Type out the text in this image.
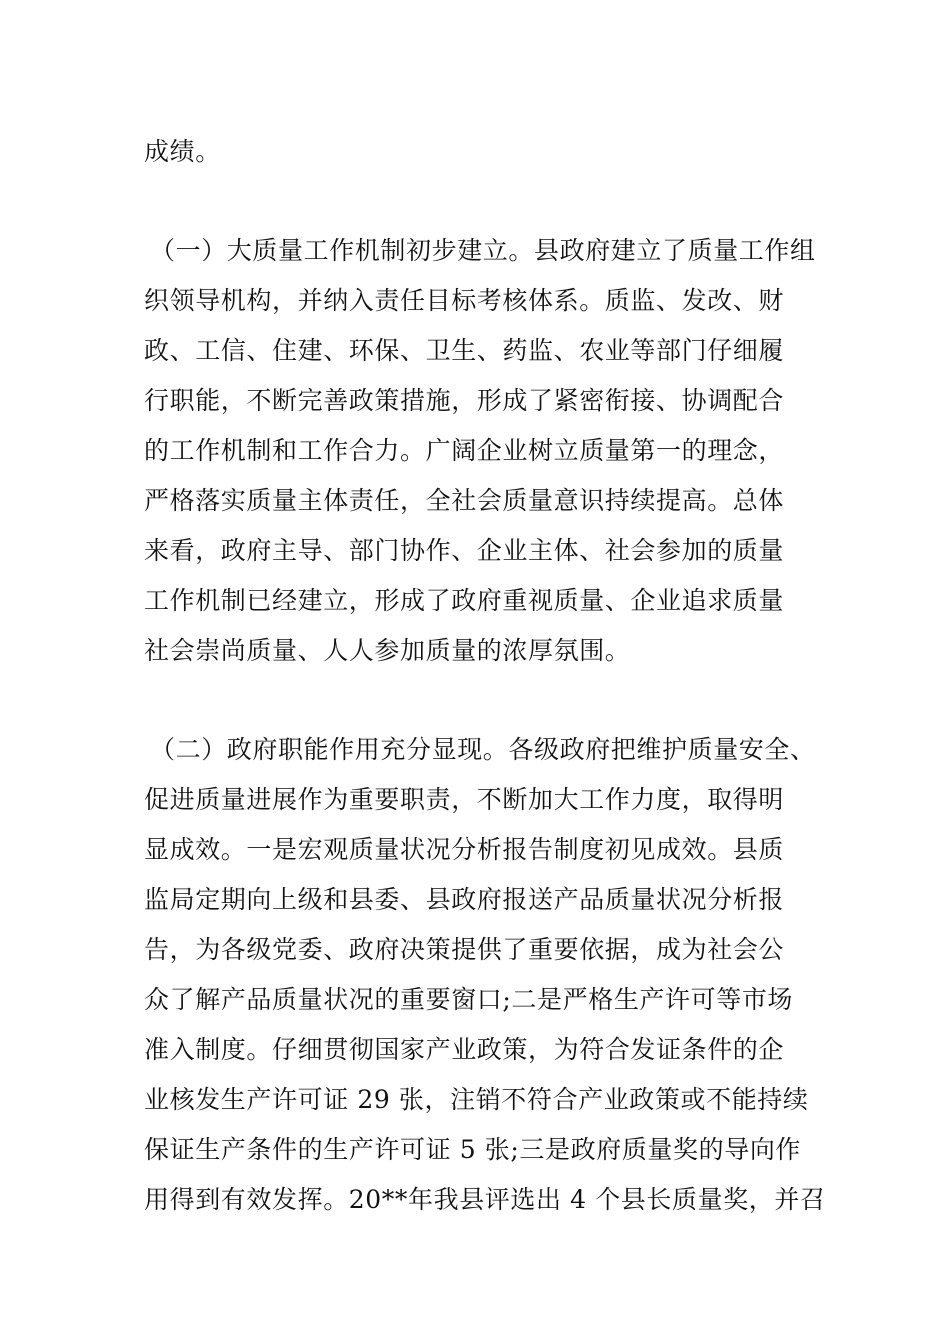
成绩。

（一）大质量工作机制初步建立。县政府建立了质量工作组

织领导机构，并纳入责任目标考核体系。质监、发改、财

政、工信、住建、环保、卫生、药监、农业等部门仔细履

行职能，不断完善政策措施，形成了紧密衔接、协调配合

的工作机制和工作合力。广阔企业树立质量第一的理念，

严格落实质量主体责任，全社会质量意识持续提高。总体

来看，政府主导、部门协作、企业主体、社会参加的质量

工作机制已经建立，形成了政府重视质量、企业追求质量

社会崇尚质量、人人参加质量的浓厚氛围。

（二）政府职能作用充分显现。各级政府把维护质量安全、

促进质量进展作为重要职责，不断加大工作力度，取得明

显成效。一是宏观质量状况分析报告制度初见成效。县质

监局定期向上级和县委、县政府报送产品质量状况分析报

告，为各级党委、政府决策提供了重要依据，成为社会公

众了解产品质量状况的重要窗口;二是严格生产许可等市场

准入制度。仔细贯彻国家产业政策，为符合发证条件的企

业核发生产许可证 29 张，注销不符合产业政策或不能持续

保证生产条件的生产许可证 5 张;三是政府质量奖的导向作

用得到有效发挥。20**年我县评选出 4 个县长质量奖，并召
